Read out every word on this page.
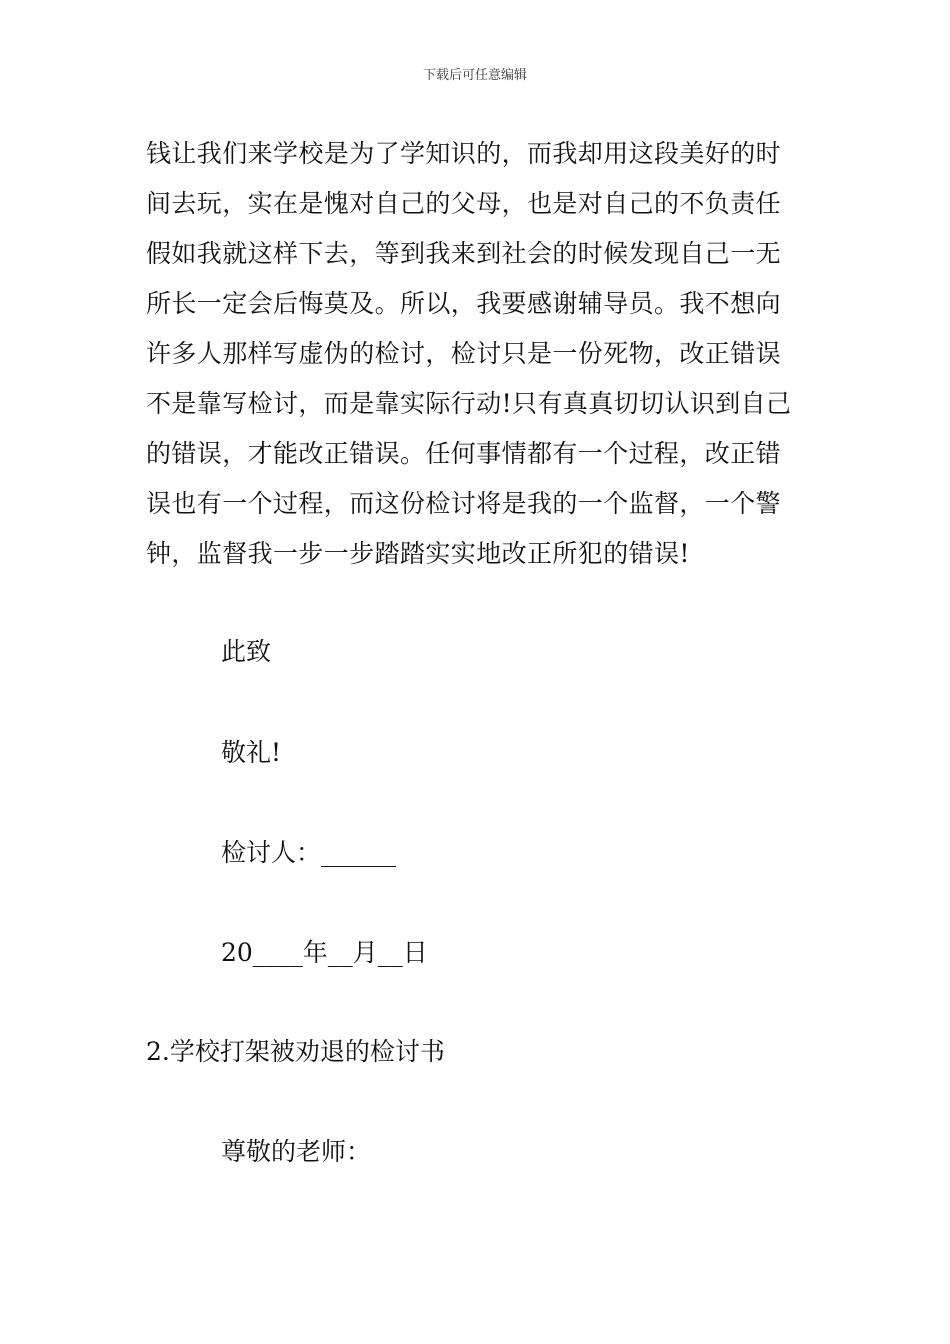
下载后可任意编辑
钱让我们来学校是为了学知识的，而我却用这段美好的时
间去玩，实在是愧对自己的父母，也是对自己的不负责任
假如我就这样下去，等到我来到社会的时候发现自己一无
所长一定会后悔莫及。所以，我要感谢辅导员。我不想向
许多人那样写虚伪的检讨，检讨只是一份死物，改正错误
不是靠写检讨，而是靠实际行动!只有真真切切认识到自己
的错误，才能改正错误。任何事情都有一个过程，改正错
误也有一个过程，而这份检讨将是我的一个监督，一个警
钟，监督我一步一步踏踏实实地改正所犯的错误!
此致
敬礼!
检讨人：______
20____年__月__日
2.学校打架被劝退的检讨书
尊敬的老师：
